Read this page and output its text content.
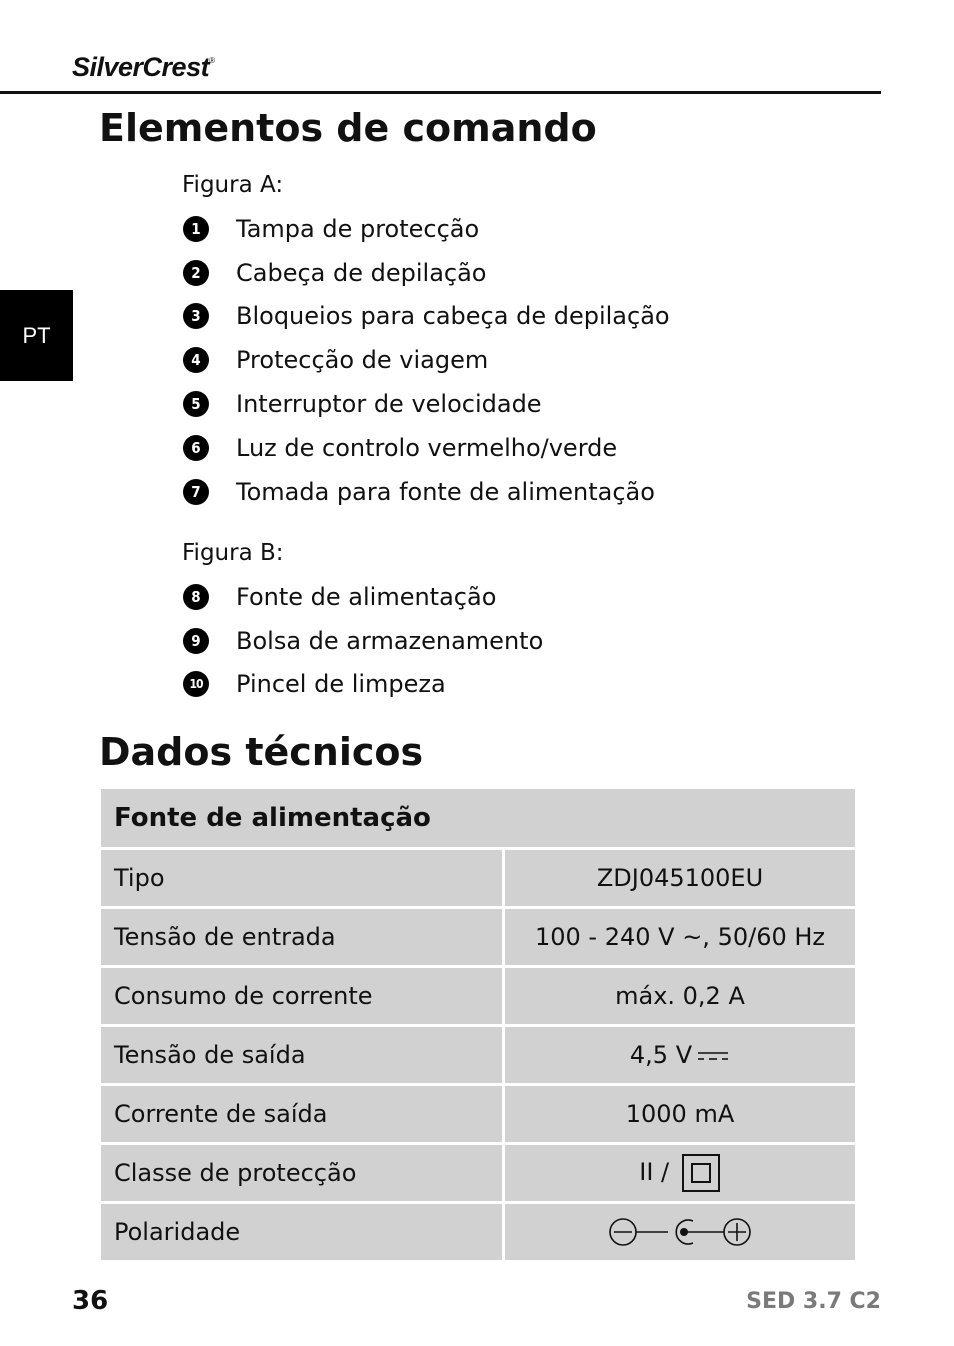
SilverCrest®
PT
Elementos de comando
Figura A:
1	Tampa de protecção
2	Cabeça de depilação
3	Bloqueios para cabeça de depilação
4	Protecção de viagem
5	Interruptor de velocidade
6	Luz de controlo vermelho/verde
7	Tomada para fonte de alimentação
Figura B:
8	Fonte de alimentação
9	Bolsa de armazenamento
10 Pincel de limpeza
Dados técnicos
Fonte de alimentação	
Tipo	ZDJ045100EU
Tensão de entrada	100 - 240 V ~, 50/60 Hz
Consumo de corrente	máx. 0,2 A
Tensão de saída	4,5 V
Corrente de saída	1000 mA
Classe de protecção	II /
Polaridade	
36	SED 3.7 C2
